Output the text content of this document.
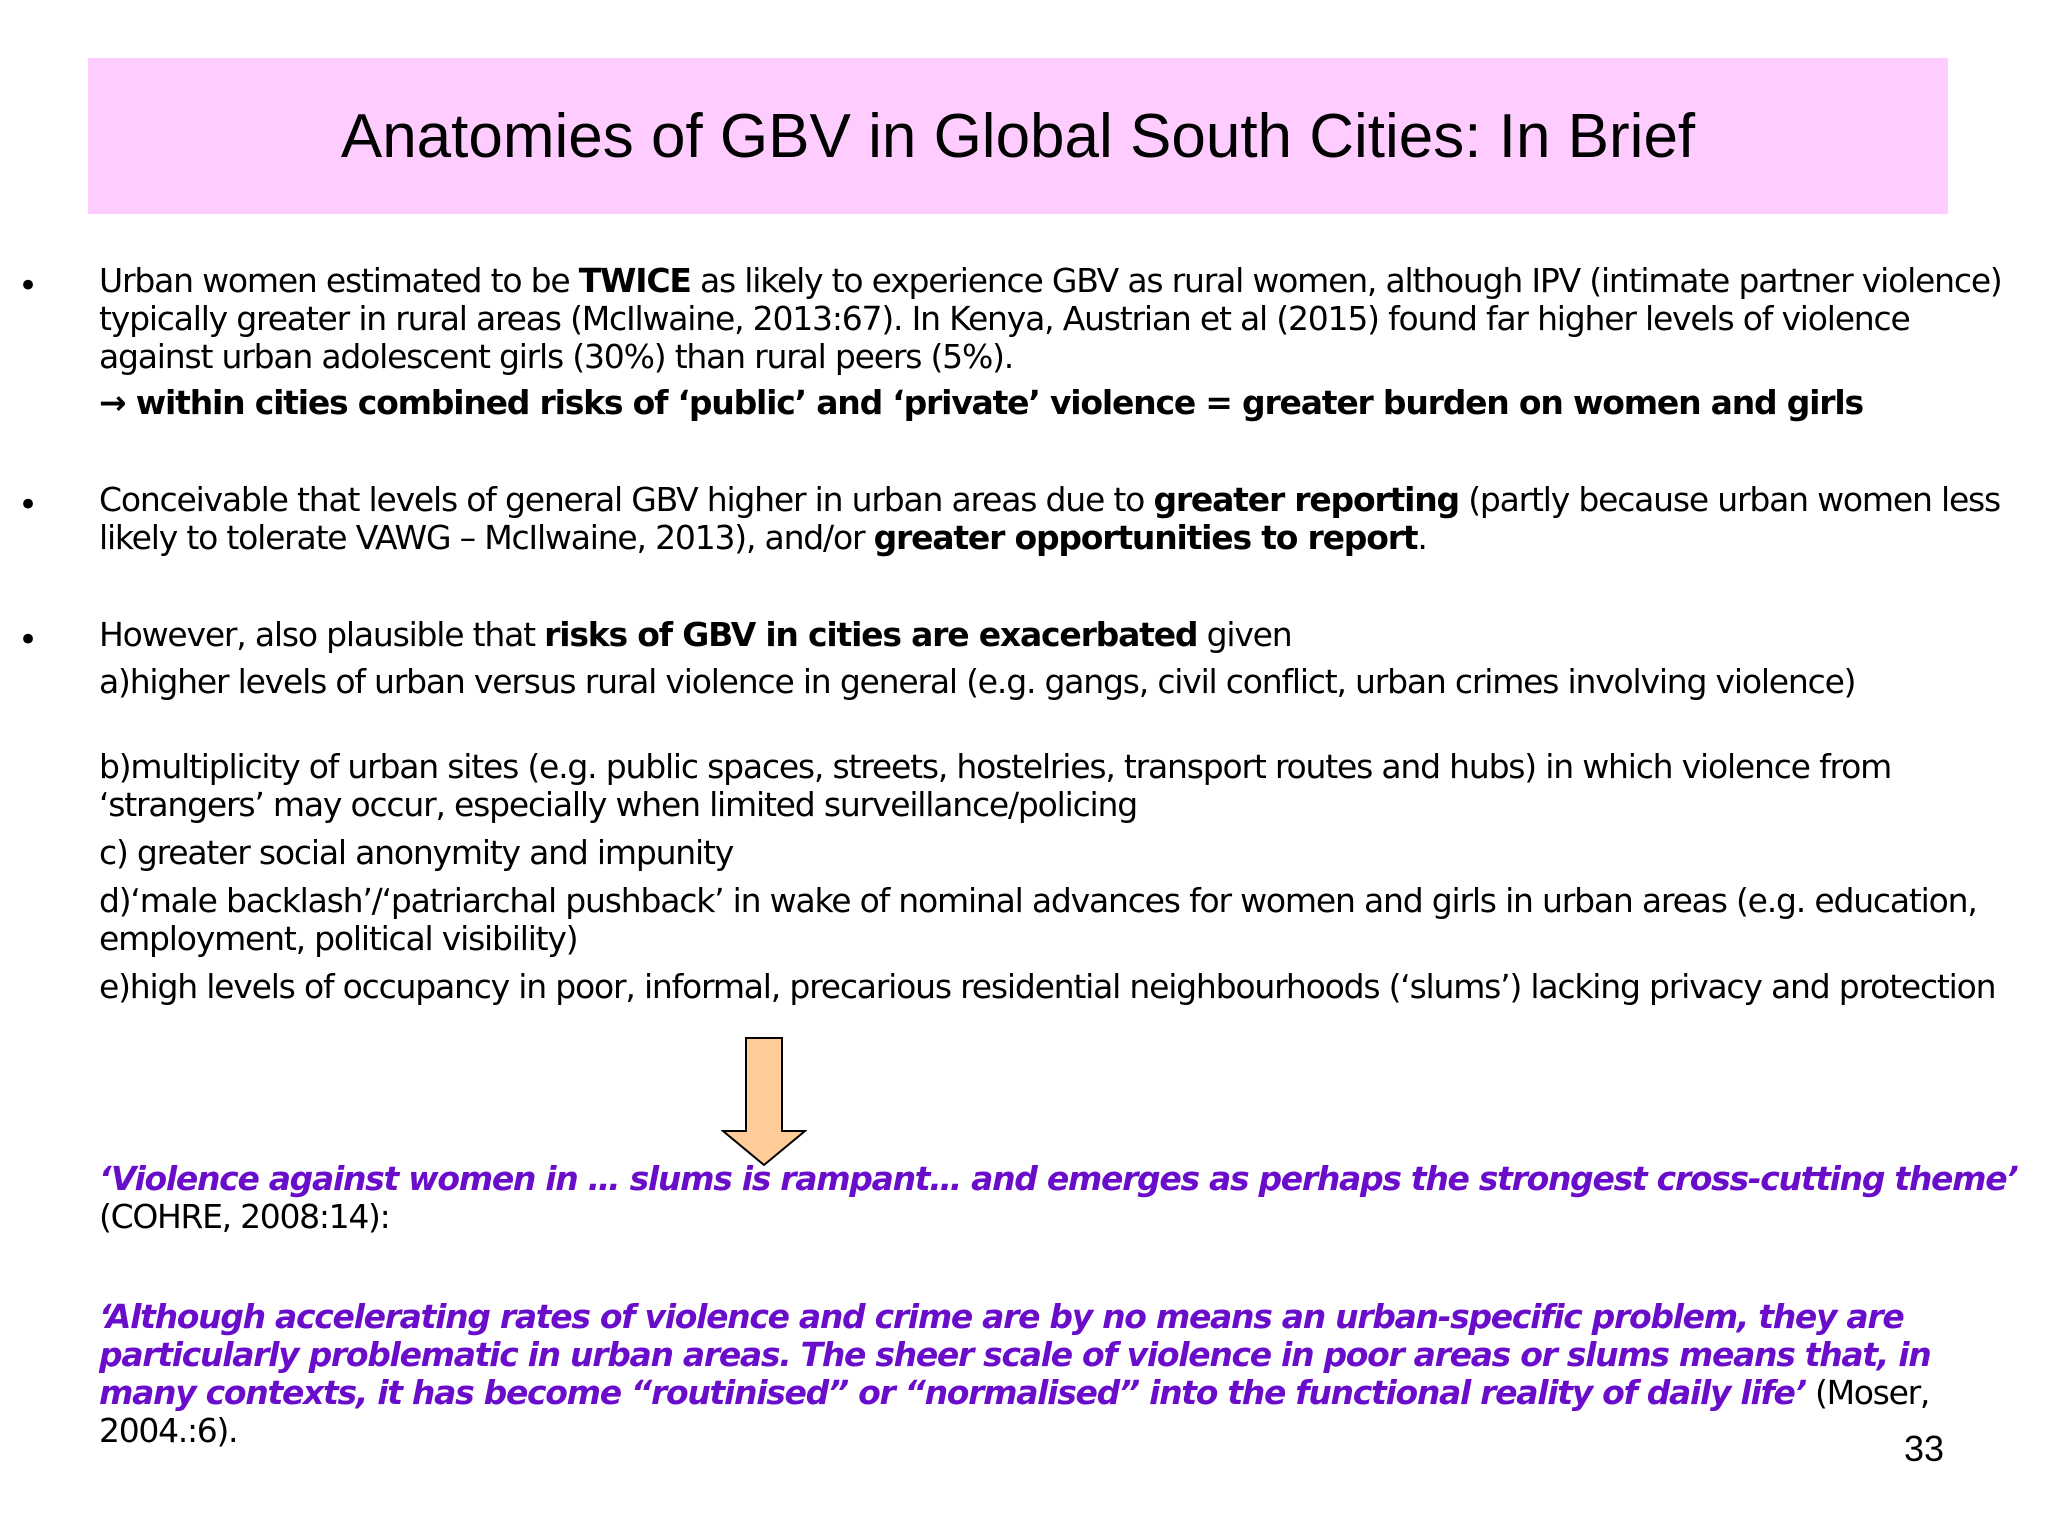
Anatomies of GBV in Global South Cities: In Brief
• Urban women estimated to be TWICE as likely to experience GBV as rural women, although IPV (intimate partner violence) typically greater in rural areas (McIlwaine, 2013:67). In Kenya, Austrian et al (2015) found far higher levels of violence against urban adolescent girls (30%) than rural peers (5%).
→ within cities combined risks of ‘public’ and ‘private’ violence = greater burden on women and girls
• Conceivable that levels of general GBV higher in urban areas due to greater reporting (partly because urban women less likely to tolerate VAWG – McIlwaine, 2013), and/or greater opportunities to report.
• However, also plausible that risks of GBV in cities are exacerbated given
a)higher levels of urban versus rural violence in general (e.g. gangs, civil conflict, urban crimes involving violence)
b)multiplicity of urban sites (e.g. public spaces, streets, hostelries, transport routes and hubs) in which violence from ‘strangers’ may occur, especially when limited surveillance/policing
c) greater social anonymity and impunity
d)‘male backlash’/‘patriarchal pushback’ in wake of nominal advances for women and girls in urban areas (e.g. education, employment, political visibility)
e)high levels of occupancy in poor, informal, precarious residential neighbourhoods (‘slums’) lacking privacy and protection
‘Violence against women in … slums is rampant… and emerges as perhaps the strongest cross-cutting theme’ (COHRE, 2008:14):
‘Although accelerating rates of violence and crime are by no means an urban-specific problem, they are particularly problematic in urban areas. The sheer scale of violence in poor areas or slums means that, in many contexts, it has become “routinised” or “normalised” into the functional reality of daily life’ (Moser, 2004.:6).	33
